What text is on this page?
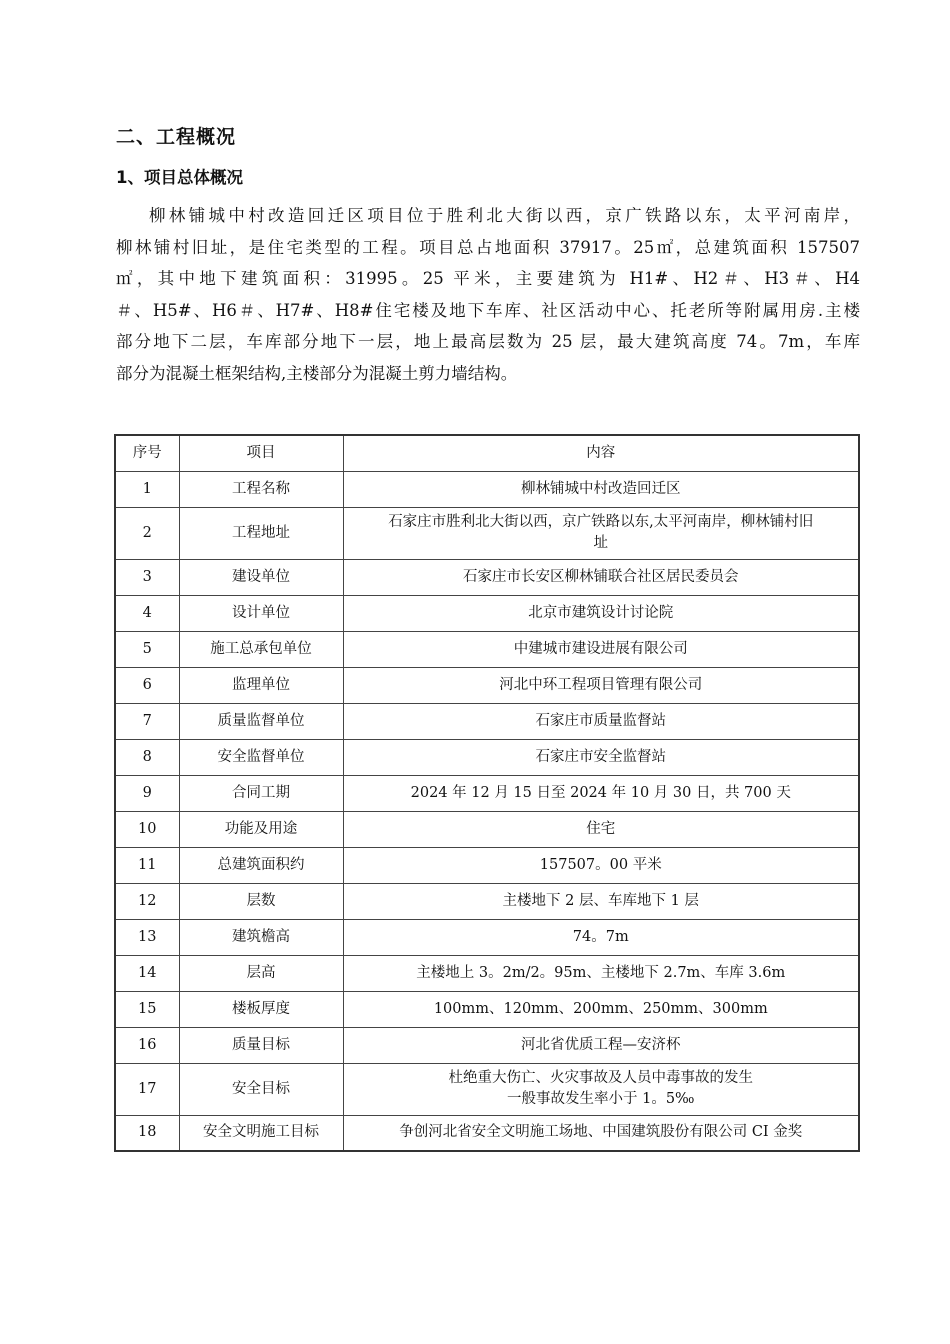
二、工程概况
1、项目总体概况
柳林铺城中村改造回迁区项目位于胜利北大街以西，京广铁路以东，太平河南岸，
柳林铺村旧址，是住宅类型的工程。项目总占地面积 37917。25㎡，总建筑面积 157507
㎡，其中地下建筑面积：31995。25 平米，主要建筑为 H1#、H2＃、H3＃、H4
＃、H5#、H6＃、H7#、H8#住宅楼及地下车库、社区活动中心、托老所等附属用房.主楼
部分地下二层，车库部分地下一层，地上最高层数为 25 层，最大建筑高度 74。7m，车库
部分为混凝土框架结构,主楼部分为混凝土剪力墙结构。
序号	项目	内容
1	工程名称	柳林铺城中村改造回迁区

2	工程地址	石家庄市胜利北大街以西，京广铁路以东,太平河南岸，柳林铺村旧
址

3	建设单位	石家庄市长安区柳林铺联合社区居民委员会

4	设计单位	北京市建筑设计讨论院

5	施工总承包单位	中建城市建设进展有限公司

6	监理单位	河北中环工程项目管理有限公司

7	质量监督单位	石家庄市质量监督站

8	安全监督单位	石家庄市安全监督站

9	合同工期	2024 年 12 月 15 日至 2024 年 10 月 30 日，共 700 天

10	功能及用途	住宅

11	总建筑面积约	157507。00 平米

12	层数	主楼地下 2 层、车库地下 1 层

13	建筑檐高	74。7m

14	层高	主楼地上 3。2m/2。95m、主楼地下 2.7m、车库 3.6m

15	楼板厚度	100mm、120mm、200mm、250mm、300mm

16	质量目标	河北省优质工程—安济杯

17	安全目标	杜绝重大伤亡、火灾事故及人员中毒事故的发生
一般事故发生率小于 1。5‰

18	安全文明施工目标	争创河北省安全文明施工场地、中国建筑股份有限公司 CI 金奖
